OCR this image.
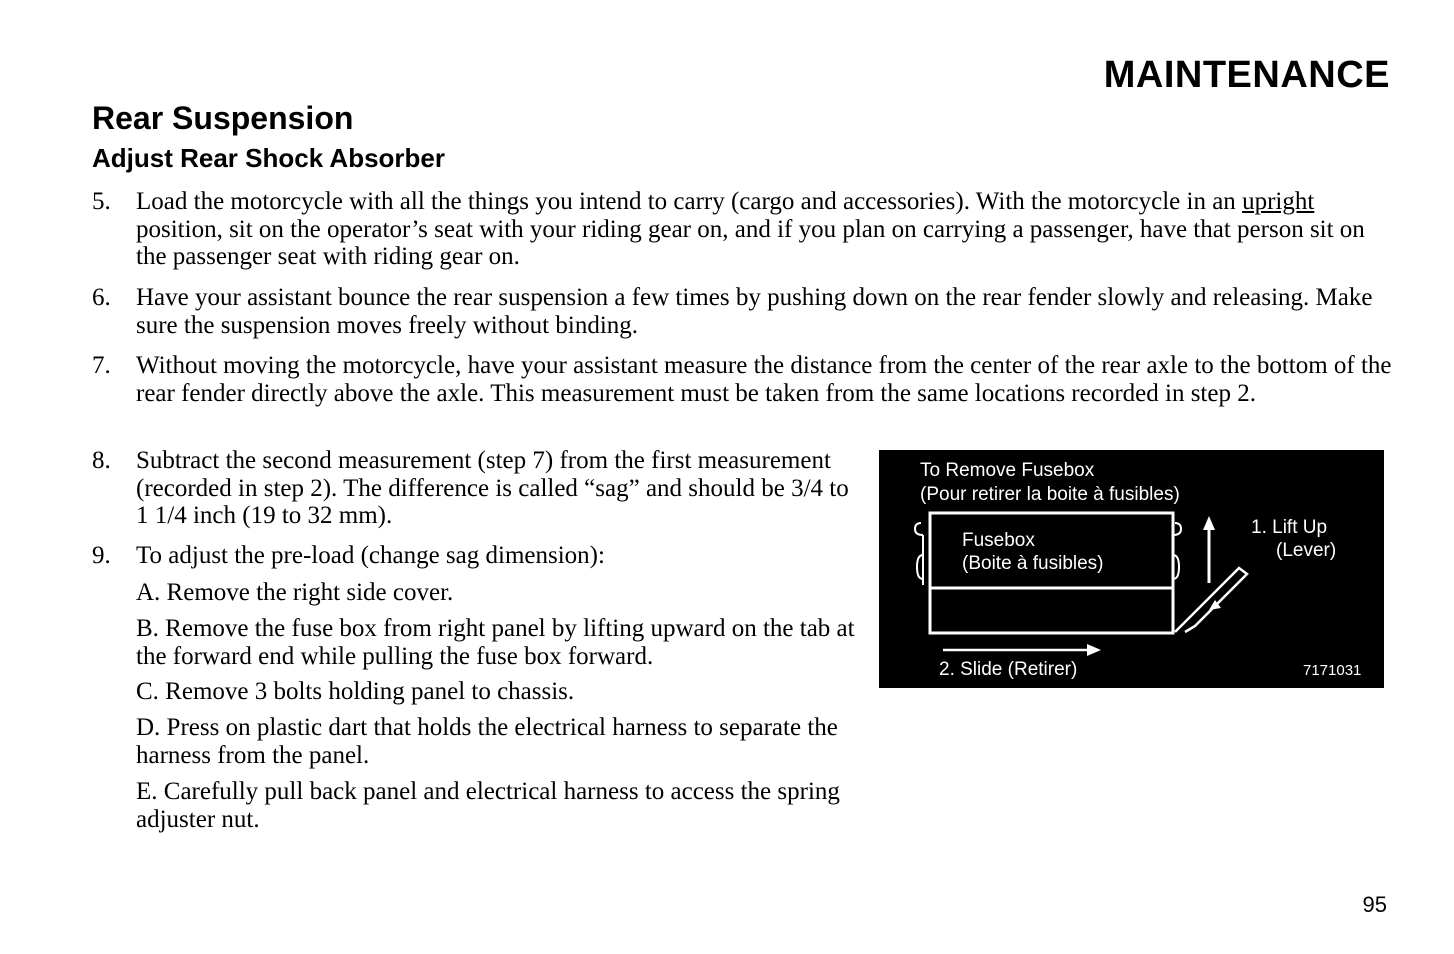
MAINTENANCE
Rear Suspension
Adjust Rear Shock Absorber
5. Load the motorcycle with all the things you intend to carry (cargo and accessories). With the motorcycle in an upright position, sit on the operator’s seat with your riding gear on, and if you plan on carrying a passenger, have that person sit on the passenger seat with riding gear on.
6. Have your assistant bounce the rear suspension a few times by pushing down on the rear fender slowly and releasing. Make sure the suspension moves freely without binding.
7. Without moving the motorcycle, have your assistant measure the distance from the center of the rear axle to the bottom of the rear fender directly above the axle. This measurement must be taken from the same locations recorded in step 2.
8. Subtract the second measurement (step 7) from the first measurement (recorded in step 2). The difference is called “sag” and should be 3/4 to 1 1/4 inch (19 to 32 mm).
9. To adjust the pre-load (change sag dimension):
A. Remove the right side cover.
B. Remove the fuse box from right panel by lifting upward on the tab at the forward end while pulling the fuse box forward.
C. Remove 3 bolts holding panel to chassis.
D. Press on plastic dart that holds the electrical harness to separate the harness from the panel.
E. Carefully pull back panel and electrical harness to access the spring adjuster nut.
To Remove Fusebox
(Pour retirer la boite à fusibles)
Fusebox
(Boite à fusibles)
1. Lift Up
(Lever)
2. Slide (Retirer)	7171031
95
